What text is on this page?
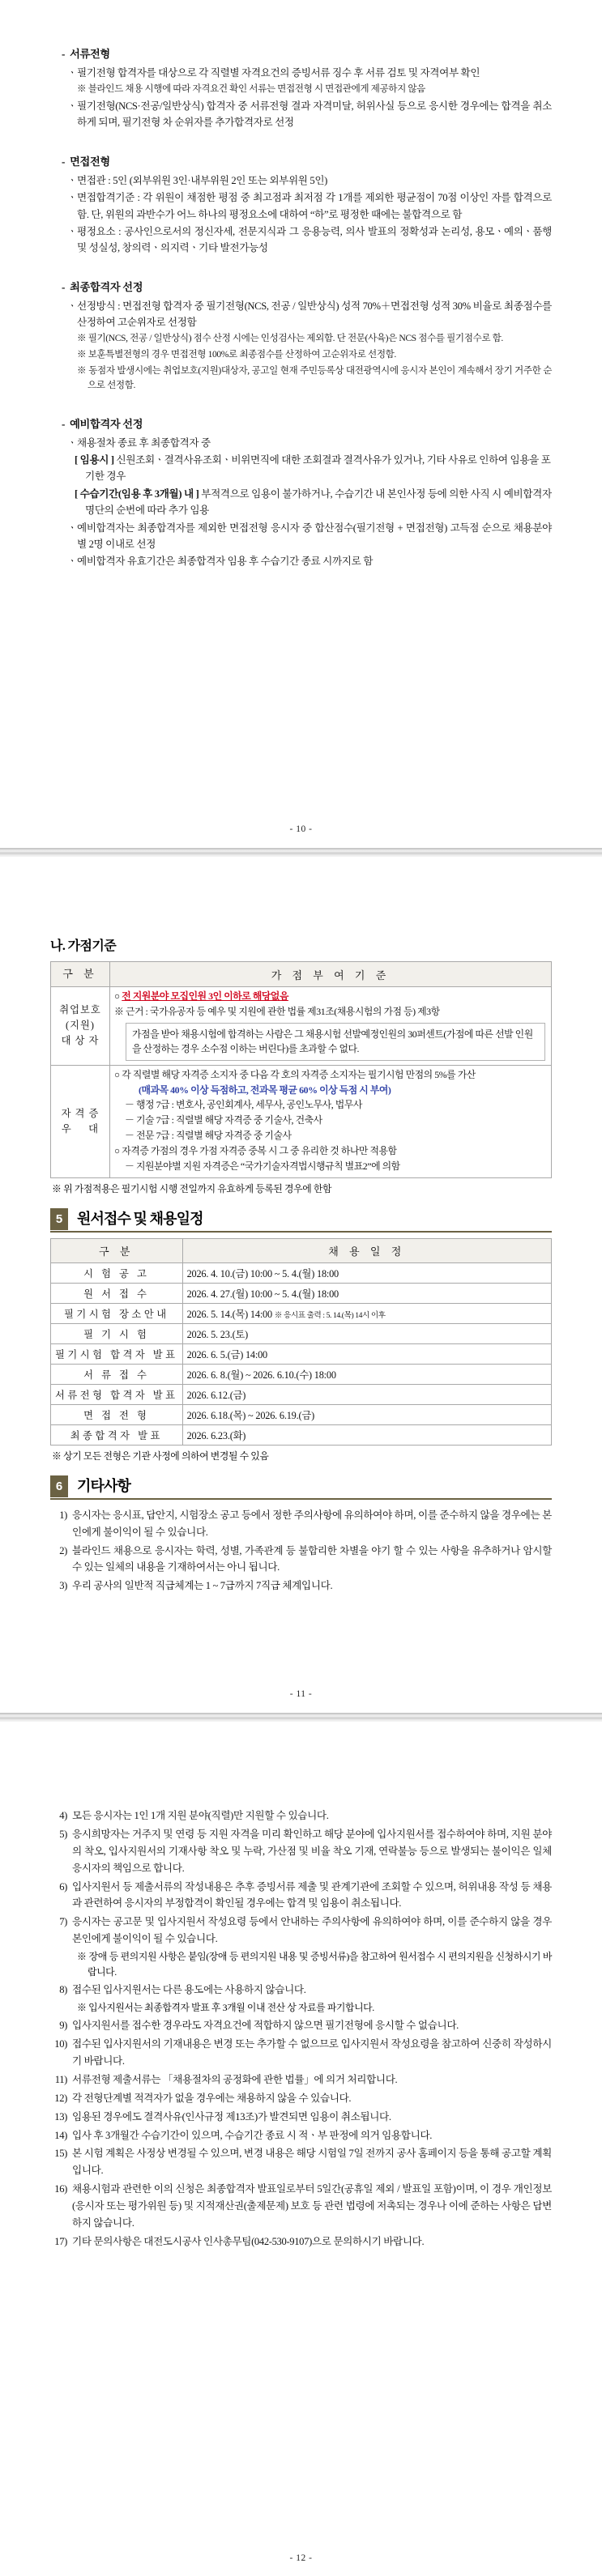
- 서류전형
ㆍ 필기전형 합격자를 대상으로 각 직렬별 자격요건의 증빙서류 징수 후 서류 검토 및 자격여부 확인
※ 블라인드 채용 시행에 따라 자격요건 확인 서류는 면접전형 시 면접관에게 제공하지 않음
ㆍ 필기전형(NCS·전공/일반상식) 합격자 중 서류전형 결과 자격미달, 허위사실 등으로 응시한 경우에는 합격을 취소하게 되며, 필기전형 차 순위자를 추가합격자로 선정
- 면접전형
ㆍ 면접관 : 5인 (외부위원 3인·내부위원 2인 또는 외부위원 5인)
ㆍ 면접합격기준 : 각 위원이 채점한 평점 중 최고점과 최저점 각 1개를 제외한 평균점이 70점 이상인 자를 합격으로 함. 단, 위원의 과반수가 어느 하나의 평정요소에 대하여 “하”로 평정한 때에는 불합격으로 함
ㆍ 평정요소 : 공사인으로서의 정신자세, 전문지식과 그 응용능력, 의사 발표의 정확성과 논리성, 용모ㆍ예의ㆍ품행 및 성실성, 창의력ㆍ의지력ㆍ기타 발전가능성
- 최종합격자 선정
ㆍ 선정방식 : 면접전형 합격자 중 필기전형(NCS, 전공 / 일반상식) 성적 70%＋면접전형 성적 30% 비율로 최종점수를 산정하여 고순위자로 선정함
※ 필기(NCS, 전공 / 일반상식) 점수 산정 시에는 인성검사는 제외함. 단 전문(사육)은 NCS 점수를 필기점수로 함.
※ 보훈특별전형의 경우 면접전형 100%로 최종점수를 산정하여 고순위자로 선정함.
※ 동점자 발생시에는 취업보호(지원)대상자, 공고일 현재 주민등록상 대전광역시에 응시자 본인이 계속해서 장기 거주한 순으로 선정함.
- 예비합격자 선정
ㆍ 채용절차 종료 후 최종합격자 중
[ 임용시 ] 신원조회ㆍ결격사유조회ㆍ비위면직에 대한 조회결과 결격사유가 있거나, 기타 사유로 인하여 임용을 포기한 경우
[ 수습기간(임용 후 3개월) 내 ] 부적격으로 임용이 불가하거나, 수습기간 내 본인사정 등에 의한 사직 시 예비합격자 명단의 순번에 따라 추가 임용
ㆍ 예비합격자는 최종합격자를 제외한 면접전형 응시자 중 합산점수(필기전형 + 면접전형) 고득점 순으로 채용분야별 2명 이내로 선정
ㆍ 예비합격자 유효기간은 최종합격자 임용 후 수습기간 종료 시까지로 함
- 10 -
나. 가점기준
구 분	가 점 부 여 기 준
취업보호
(지원)
대 상 자	
○ 전 지원분야 모집인원 3인 이하로 해당없음
※ 근거 : 국가유공자 등 예우 및 지원에 관한 법률 제31조(채용시험의 가점 등) 제3항
가점을 받아 채용시험에 합격하는 사람은 그 채용시험 선발예정인원의 30퍼센트(가점에 따른 선발 인원을 산정하는 경우 소수점 이하는 버린다)를 초과할 수 없다.

자 격 증
우     대	
○ 각 직렬별 해당 자격증 소지자 중 다음 각 호의 자격증 소지자는 필기시험 만점의 5%를 가산
(매과목 40% 이상 득점하고, 전과목 평균 60% 이상 득점 시 부여)
－ 행정 7급 : 변호사, 공인회계사, 세무사, 공인노무사, 법무사
－ 기술 7급 : 직렬별 해당 자격증 중 기술사, 건축사
－ 전문 7급 : 직렬별 해당 자격증 중 기술사
○ 자격증 가점의 경우 가점 자격증 중복 시 그 중 유리한 것 하나만 적용함
－ 지원분야별 지원 자격증은 “국가기술자격법시행규칙 별표2”에 의함
※ 위 가점적용은 필기시험 시행 전일까지 유효하게 등록된 경우에 한함
5 원서접수 및 채용일정
구 분	채 용 일 정
시 험 공 고	2026. 4. 10.(금) 10:00 ~ 5. 4.(월) 18:00
원 서 접 수	2026. 4. 27.(월) 10:00 ~ 5. 4.(월) 18:00
필기시험 장소안내	2026. 5. 14.(목) 14:00 ※ 응시표 출력 : 5. 14.(목) 14시 이후
필 기 시 험	2026. 5. 23.(토)
필기시험 합격자 발표	2026. 6. 5.(금) 14:00
서 류 접 수	2026. 6. 8.(월) ~ 2026. 6.10.(수) 18:00
서류전형 합격자 발표	2026. 6.12.(금)
면 접 전 형	2026. 6.18.(목) ~ 2026. 6.19.(금)
최종합격자 발표	2026. 6.23.(화)
※ 상기 모든 전형은 기관 사정에 의하여 변경될 수 있음
6 기타사항
1) 응시자는 응시표, 답안지, 시험장소 공고 등에서 정한 주의사항에 유의하여야 하며, 이를 준수하지 않을 경우에는 본인에게 불이익이 될 수 있습니다.
2) 블라인드 채용으로 응시자는 학력, 성별, 가족관계 등 불합리한 차별을 야기 할 수 있는 사항을 유추하거나 암시할 수 있는 일체의 내용을 기재하여서는 아니 됩니다.
3) 우리 공사의 일반적 직급체계는 1 ~ 7급까지 7직급 체계입니다.
- 11 -
4) 모든 응시자는 1인 1개 지원 분야(직렬)만 지원할 수 있습니다.
5) 응시희망자는 거주지 및 연령 등 지원 자격을 미리 확인하고 해당 분야에 입사지원서를 접수하여야 하며, 지원 분야의 착오, 입사지원서의 기재사항 착오 및 누락, 가산점 및 비율 착오 기재, 연락불능 등으로 발생되는 불이익은 일체 응시자의 책임으로 합니다.
6) 입사지원서 등 제출서류의 작성내용은 추후 증빙서류 제출 및 관계기관에 조회할 수 있으며, 허위내용 작성 등 채용과 관련하여 응시자의 부정합격이 확인될 경우에는 합격 및 임용이 취소됩니다.
7) 응시자는 공고문 및 입사지원서 작성요령 등에서 안내하는 주의사항에 유의하여야 하며, 이를 준수하지 않을 경우 본인에게 불이익이 될 수 있습니다.
※ 장애 등 편의지원 사항은 붙임(장애 등 편의지원 내용 및 증빙서류)을 참고하여 원서접수 시 편의지원을 신청하시기 바랍니다.
8) 접수된 입사지원서는 다른 용도에는 사용하지 않습니다.
※ 입사지원서는 최종합격자 발표 후 3개월 이내 전산 상 자료를 파기합니다.
9) 입사지원서를 접수한 경우라도 자격요건에 적합하지 않으면 필기전형에 응시할 수 없습니다.
10) 접수된 입사지원서의 기재내용은 변경 또는 추가할 수 없으므로 입사지원서 작성요령을 참고하여 신중히 작성하시기 바랍니다.
11) 서류전형 제출서류는 「채용절차의 공정화에 관한 법률」에 의거 처리합니다.
12) 각 전형단계별 적격자가 없을 경우에는 채용하지 않을 수 있습니다.
13) 임용된 경우에도 결격사유(인사규정 제13조)가 발견되면 임용이 취소됩니다.
14) 입사 후 3개월간 수습기간이 있으며, 수습기간 종료 시 적ㆍ부 판정에 의거 임용합니다.
15) 본 시험 계획은 사정상 변경될 수 있으며, 변경 내용은 해당 시험일 7일 전까지 공사 홈페이지 등을 통해 공고할 계획입니다.
16) 채용시험과 관련한 이의 신청은 최종합격자 발표일로부터 5일간(공휴일 제외 / 발표일 포함)이며, 이 경우 개인정보(응시자 또는 평가위원 등) 및 지적재산권(출제문제) 보호 등 관련 법령에 저촉되는 경우나 이에 준하는 사항은 답변하지 않습니다.
17) 기타 문의사항은 대전도시공사 인사총무팀(042-530-9107)으로 문의하시기 바랍니다.
- 12 -
